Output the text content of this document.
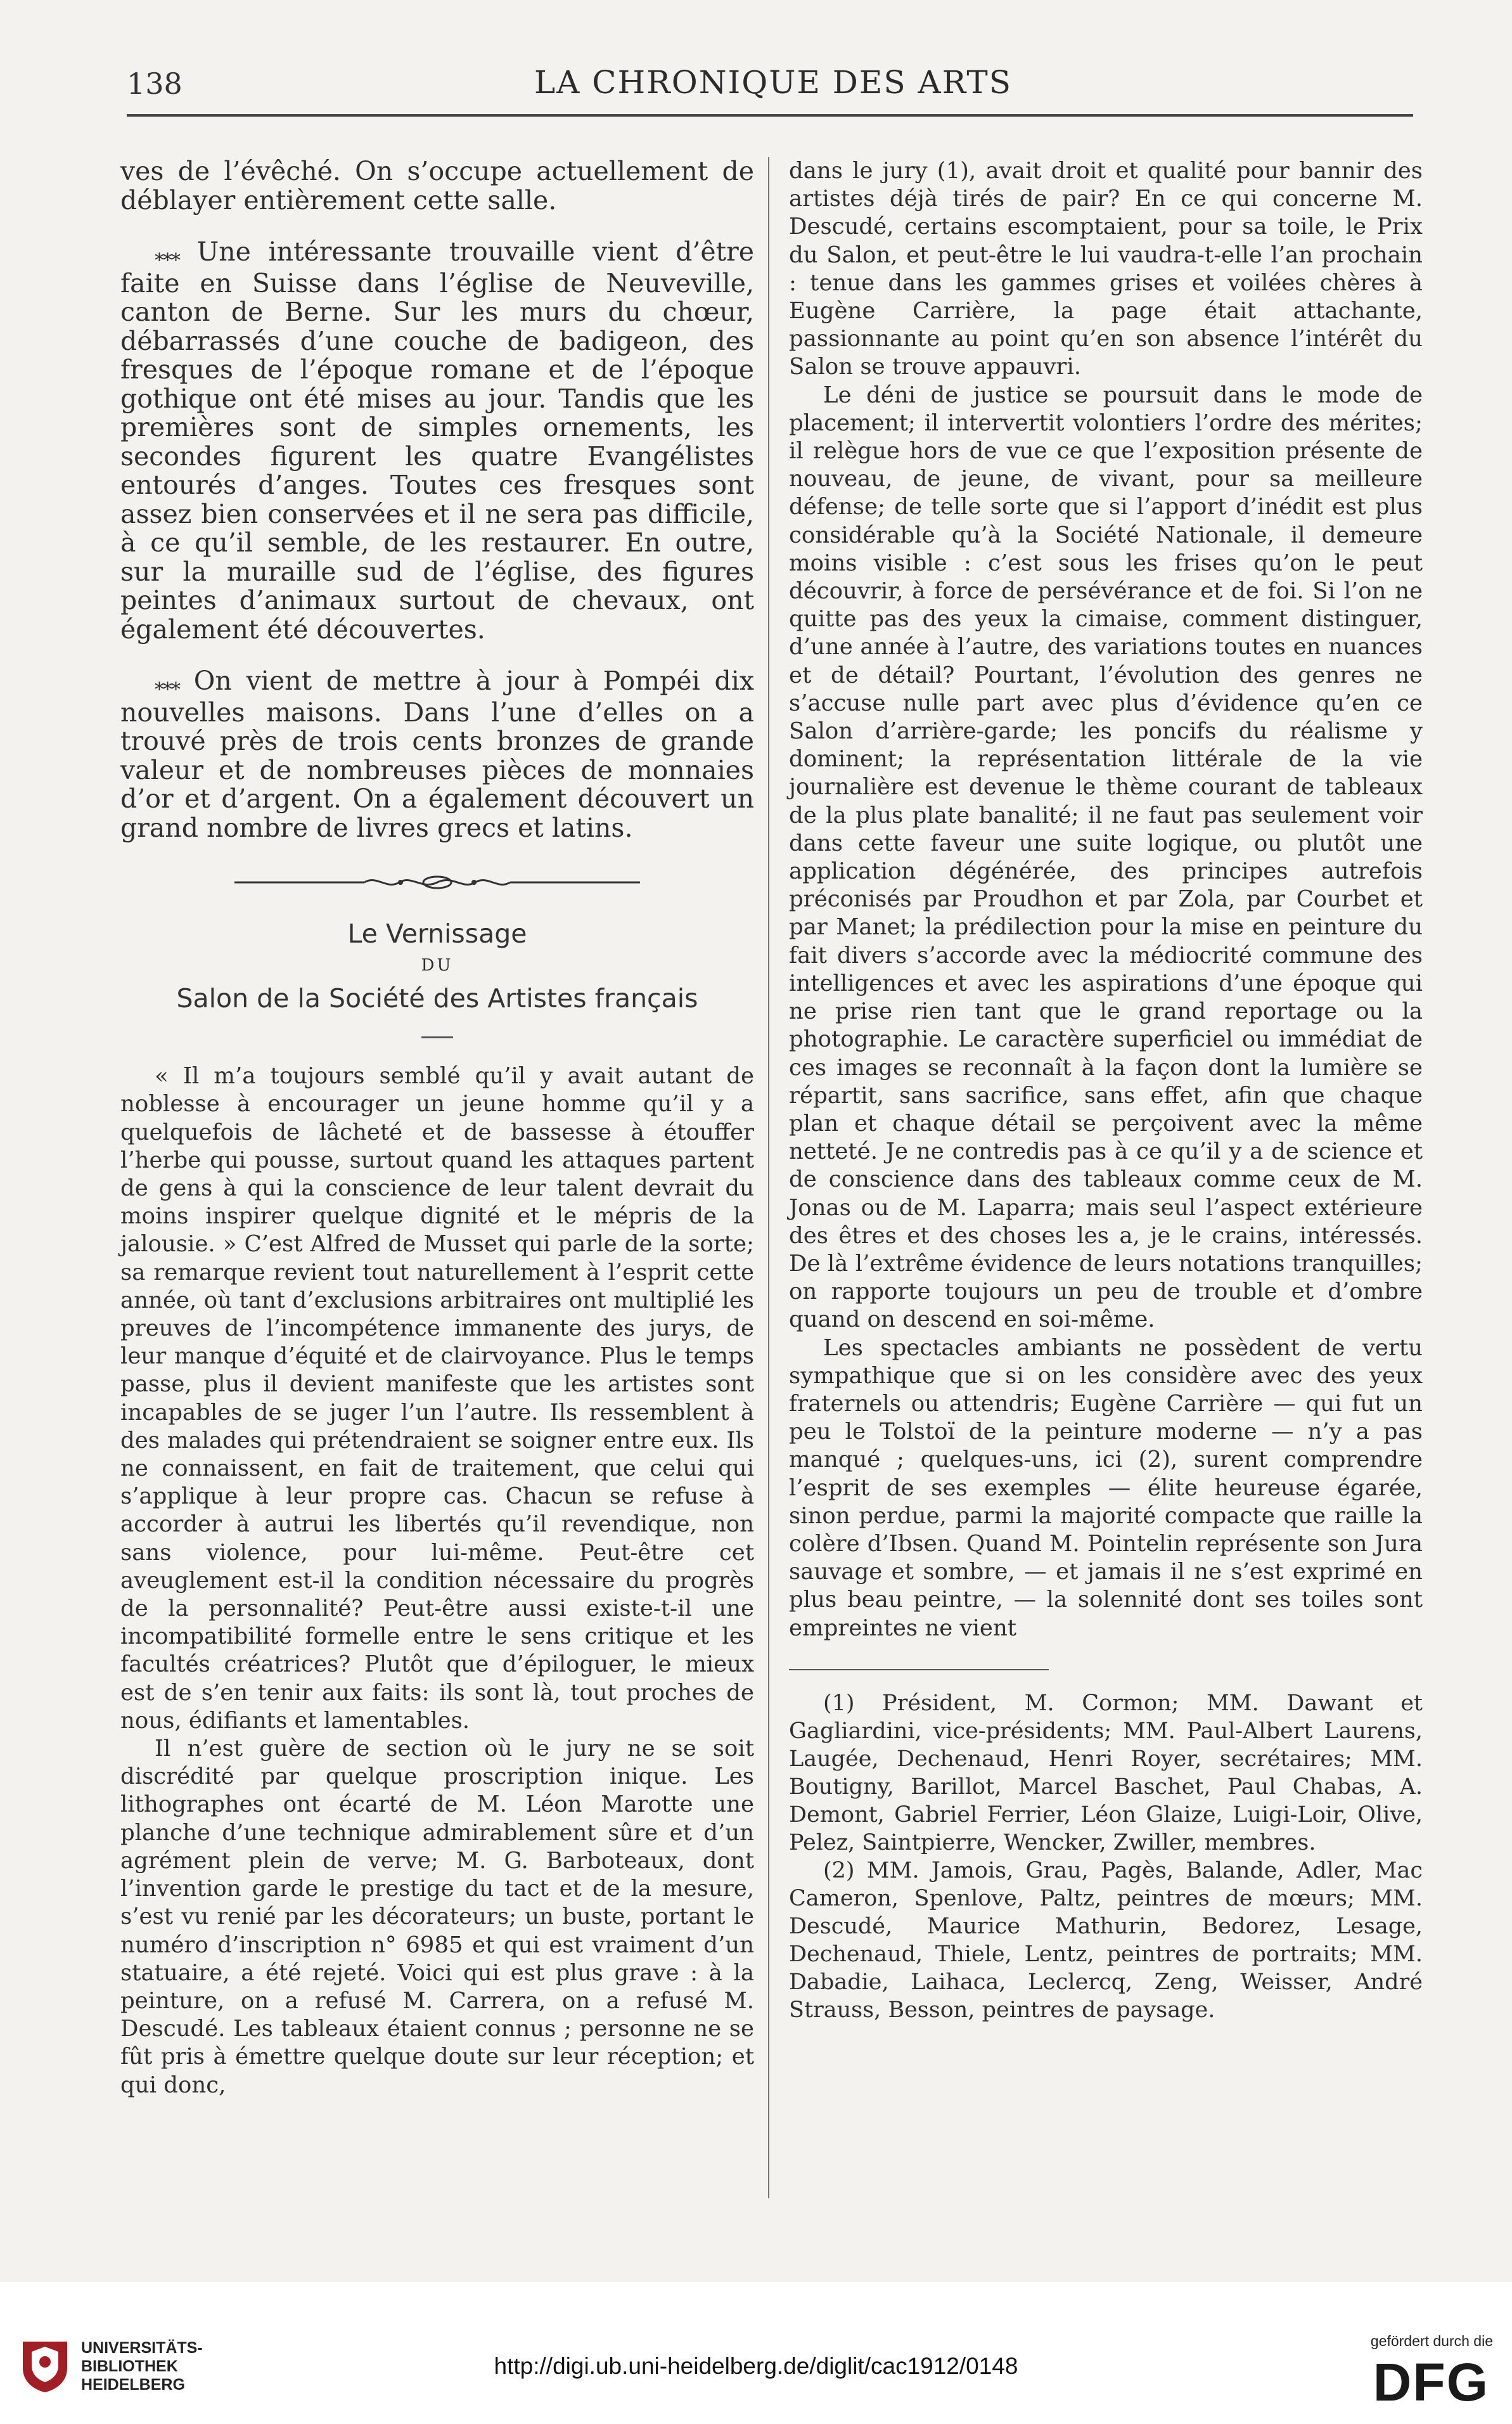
138	LA CHRONIQUE DES ARTS

ves de l’évêché. On s’occupe actuellement de déblayer entièrement cette salle.

⁎⁎⁎ Une intéressante trouvaille vient d’être faite en Suisse dans l’église de Neuveville, canton de Berne. Sur les murs du chœur, débarrassés d’une couche de badigeon, des fresques de l’époque romane et de l’époque gothique ont été mises au jour. Tandis que les premières sont de simples ornements, les secondes figurent les quatre Evangélistes entourés d’anges. Toutes ces fresques sont assez bien conservées et il ne sera pas difficile, à ce qu’il semble, de les restaurer. En outre, sur la muraille sud de l’église, des figures peintes d’animaux surtout de chevaux, ont également été découvertes.

⁎⁎⁎ On vient de mettre à jour à Pompéi dix nouvelles maisons. Dans l’une d’elles on a trouvé près de trois cents bronzes de grande valeur et de nombreuses pièces de monnaies d’or et d’argent. On a également découvert un grand nombre de livres grecs et latins.

Le Vernissage
DU
Salon de la Société des Artistes français

« Il m’a toujours semblé qu’il y avait autant de noblesse à encourager un jeune homme qu’il y a quelquefois de lâcheté et de bassesse à étouffer l’herbe qui pousse, surtout quand les attaques partent de gens à qui la conscience de leur talent devrait du moins inspirer quelque dignité et le mépris de la jalousie. » C’est Alfred de Musset qui parle de la sorte; sa remarque revient tout naturellement à l’esprit cette année, où tant d’exclusions arbitraires ont multiplié les preuves de l’incompétence immanente des jurys, de leur manque d’équité et de clairvoyance. Plus le temps passe, plus il devient manifeste que les artistes sont incapables de se juger l’un l’autre. Ils ressemblent à des malades qui prétendraient se soigner entre eux. Ils ne connaissent, en fait de traitement, que celui qui s’applique à leur propre cas. Chacun se refuse à accorder à autrui les libertés qu’il revendique, non sans violence, pour lui-même. Peut-être cet aveuglement est-il la condition nécessaire du progrès de la personnalité? Peut-être aussi existe-t-il une incompatibilité formelle entre le sens critique et les facultés créatrices? Plutôt que d’épiloguer, le mieux est de s’en tenir aux faits: ils sont là, tout proches de nous, édifiants et lamentables.

Il n’est guère de section où le jury ne se soit discrédité par quelque proscription inique. Les lithographes ont écarté de M. Léon Marotte une planche d’une technique admirablement sûre et d’un agrément plein de verve; M. G. Barboteaux, dont l’invention garde le prestige du tact et de la mesure, s’est vu renié par les décorateurs; un buste, portant le numéro d’inscription n° 6985 et qui est vraiment d’un statuaire, a été rejeté. Voici qui est plus grave : à la peinture, on a refusé M. Carrera, on a refusé M. Descudé. Les tableaux étaient connus ; personne ne se fût pris à émettre quelque doute sur leur réception; et qui donc,

dans le jury (1), avait droit et qualité pour bannir des artistes déjà tirés de pair? En ce qui concerne M. Descudé, certains escomptaient, pour sa toile, le Prix du Salon, et peut-être le lui vaudra-t-elle l’an prochain : tenue dans les gammes grises et voilées chères à Eugène Carrière, la page était attachante, passionnante au point qu’en son absence l’intérêt du Salon se trouve appauvri.

Le déni de justice se poursuit dans le mode de placement; il intervertit volontiers l’ordre des mérites; il relègue hors de vue ce que l’exposition présente de nouveau, de jeune, de vivant, pour sa meilleure défense; de telle sorte que si l’apport d’inédit est plus considérable qu’à la Société Nationale, il demeure moins visible : c’est sous les frises qu’on le peut découvrir, à force de persévérance et de foi. Si l’on ne quitte pas des yeux la cimaise, comment distinguer, d’une année à l’autre, des variations toutes en nuances et de détail? Pourtant, l’évolution des genres ne s’accuse nulle part avec plus d’évidence qu’en ce Salon d’arrière-garde; les poncifs du réalisme y dominent; la représentation littérale de la vie journalière est devenue le thème courant de tableaux de la plus plate banalité; il ne faut pas seulement voir dans cette faveur une suite logique, ou plutôt une application dégénérée, des principes autrefois préconisés par Proudhon et par Zola, par Courbet et par Manet; la prédilection pour la mise en peinture du fait divers s’accorde avec la médiocrité commune des intelligences et avec les aspirations d’une époque qui ne prise rien tant que le grand reportage ou la photographie. Le caractère superficiel ou immédiat de ces images se reconnaît à la façon dont la lumière se répartit, sans sacrifice, sans effet, afin que chaque plan et chaque détail se perçoivent avec la même netteté. Je ne contredis pas à ce qu’il y a de science et de conscience dans des tableaux comme ceux de M. Jonas ou de M. Laparra; mais seul l’aspect extérieure des êtres et des choses les a, je le crains, intéressés. De là l’extrême évidence de leurs notations tranquilles; on rapporte toujours un peu de trouble et d’ombre quand on descend en soi-même.

Les spectacles ambiants ne possèdent de vertu sympathique que si on les considère avec des yeux fraternels ou attendris; Eugène Carrière — qui fut un peu le Tolstoï de la peinture moderne — n’y a pas manqué ; quelques-uns, ici (2), surent comprendre l’esprit de ses exemples — élite heureuse égarée, sinon perdue, parmi la majorité compacte que raille la colère d’Ibsen. Quand M. Pointelin représente son Jura sauvage et sombre, — et jamais il ne s’est exprimé en plus beau peintre, — la solennité dont ses toiles sont empreintes ne vient

(1) Président, M. Cormon; MM. Dawant et Gagliardini, vice-présidents; MM. Paul-Albert Laurens, Laugée, Dechenaud, Henri Royer, secrétaires; MM. Boutigny, Barillot, Marcel Baschet, Paul Chabas, A. Demont, Gabriel Ferrier, Léon Glaize, Luigi-Loir, Olive, Pelez, Saintpierre, Wencker, Zwiller, membres.

(2) MM. Jamois, Grau, Pagès, Balande, Adler, Mac Cameron, Spenlove, Paltz, peintres de mœurs; MM. Descudé, Maurice Mathurin, Bedorez, Lesage, Dechenaud, Thiele, Lentz, peintres de portraits; MM. Dabadie, Laihaca, Leclercq, Zeng, Weisser, André Strauss, Besson, peintres de paysage.

UNIVERSITÄTS-
BIBLIOTHEK
HEIDELBERG
http://digi.ub.uni-heidelberg.de/diglit/cac1912/0148
gefördert durch die
DFG
